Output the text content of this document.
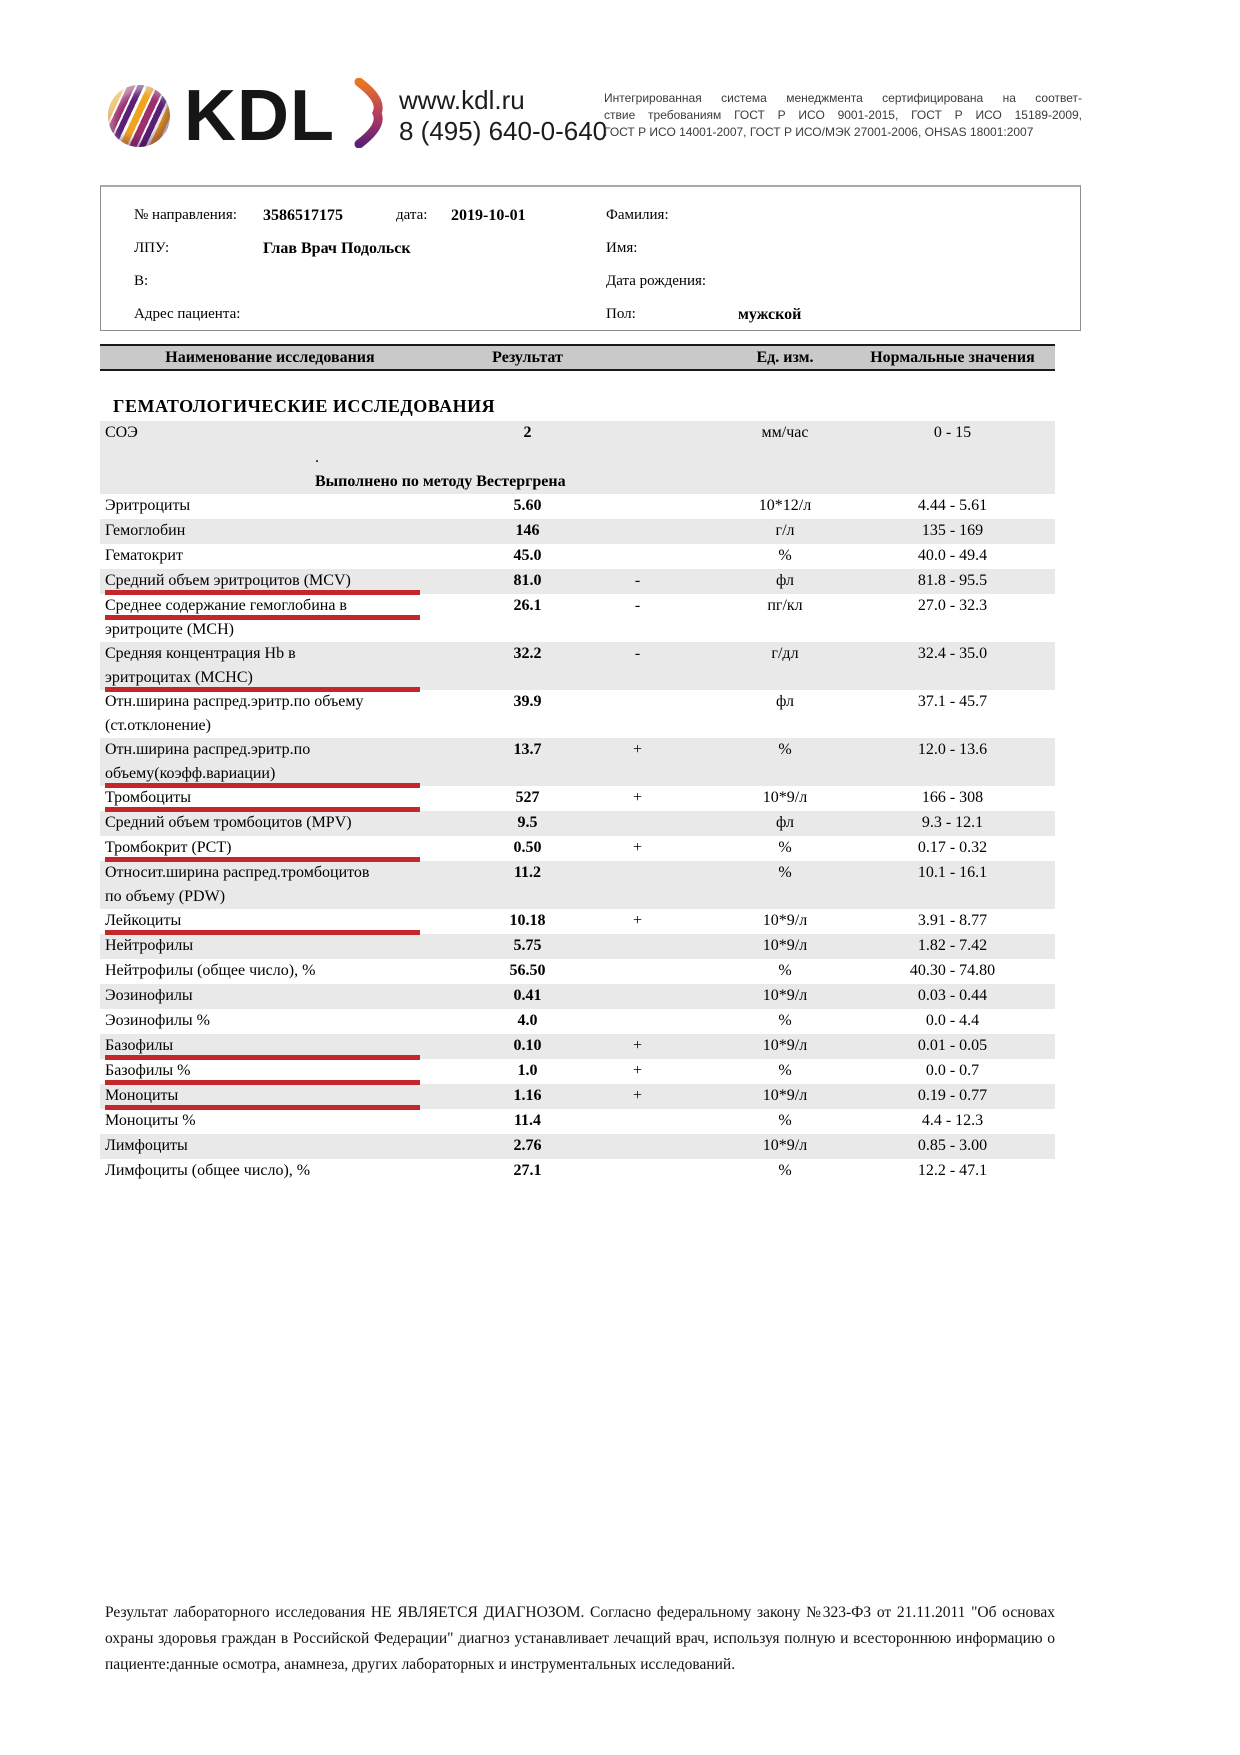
KDL www.kdl.ru
8 (495) 640-0-640
Интегрированная система менеджмента сертифицирована на соответ-
ствие требованиям ГОСТ Р ИСО 9001-2015, ГОСТ Р ИСО 15189-2009,
ГОСТ Р ИСО 14001-2007, ГОСТ Р ИСО/МЭК 27001-2006, OHSAS 18001:2007
№ направления:	3586517175	дата:	2019-10-01	Фамилия:
ЛПУ:	Глав Врач Подольск	Имя:
В:	Дата рождения:
Адрес пациента:	Пол:	мужской
Наименование исследования	Результат	Ед. изм.	Нормальные значения
ГЕМАТОЛОГИЧЕСКИЕ ИССЛЕДОВАНИЯ
СОЭ	2	мм/час	0 - 15
.
Выполнено по методу Вестергрена
Эритроциты	5.60	10*12/л	4.44 - 5.61
Гемоглобин	146	г/л	135 - 169
Гематокрит	45.0	%	40.0 - 49.4
Средний объем эритроцитов (MCV)	81.0	-	фл	81.8 - 95.5
Среднее содержание гемоглобина в
эритроците (MCH)
26.1	-	пг/кл	27.0 - 32.3
Средняя концентрация Hb в
эритроцитах (MCHC)
32.2	-	г/дл	32.4 - 35.0
Отн.ширина распред.эритр.по объему
(ст.отклонение)
39.9	фл	37.1 - 45.7
Отн.ширина распред.эритр.по
объему(коэфф.вариации)
13.7	+	%	12.0 - 13.6
Тромбоциты	527	+	10*9/л	166 - 308
Средний объем тромбоцитов (MPV)	9.5	фл	9.3 - 12.1
Тромбокрит (PCT)	0.50	+	%	0.17 - 0.32
Относит.ширина распред.тромбоцитов
по объему (PDW)
11.2	%	10.1 - 16.1
Лейкоциты	10.18	+	10*9/л	3.91 - 8.77
Нейтрофилы	5.75	10*9/л	1.82 - 7.42
Нейтрофилы (общее число), %	56.50	%	40.30 - 74.80
Эозинофилы	0.41	10*9/л	0.03 - 0.44
Эозинофилы %	4.0	%	0.0 - 4.4
Базофилы	0.10	+	10*9/л	0.01 - 0.05
Базофилы %	1.0	+	%	0.0 - 0.7
Моноциты	1.16	+	10*9/л	0.19 - 0.77
Моноциты %	11.4	%	4.4 - 12.3
Лимфоциты	2.76	10*9/л	0.85 - 3.00
Лимфоциты (общее число), %	27.1	%	12.2 - 47.1
Результат лабораторного исследования НЕ ЯВЛЯЕТСЯ ДИАГНОЗОМ. Согласно федеральному закону №323-ФЗ от 21.11.2011 "Об основах охраны здоровья граждан в Российской Федерации" диагноз устанавливает лечащий врач, используя полную и всестороннюю информацию о пациенте:данные осмотра, анамнеза, других лабораторных и инструментальных исследований.
